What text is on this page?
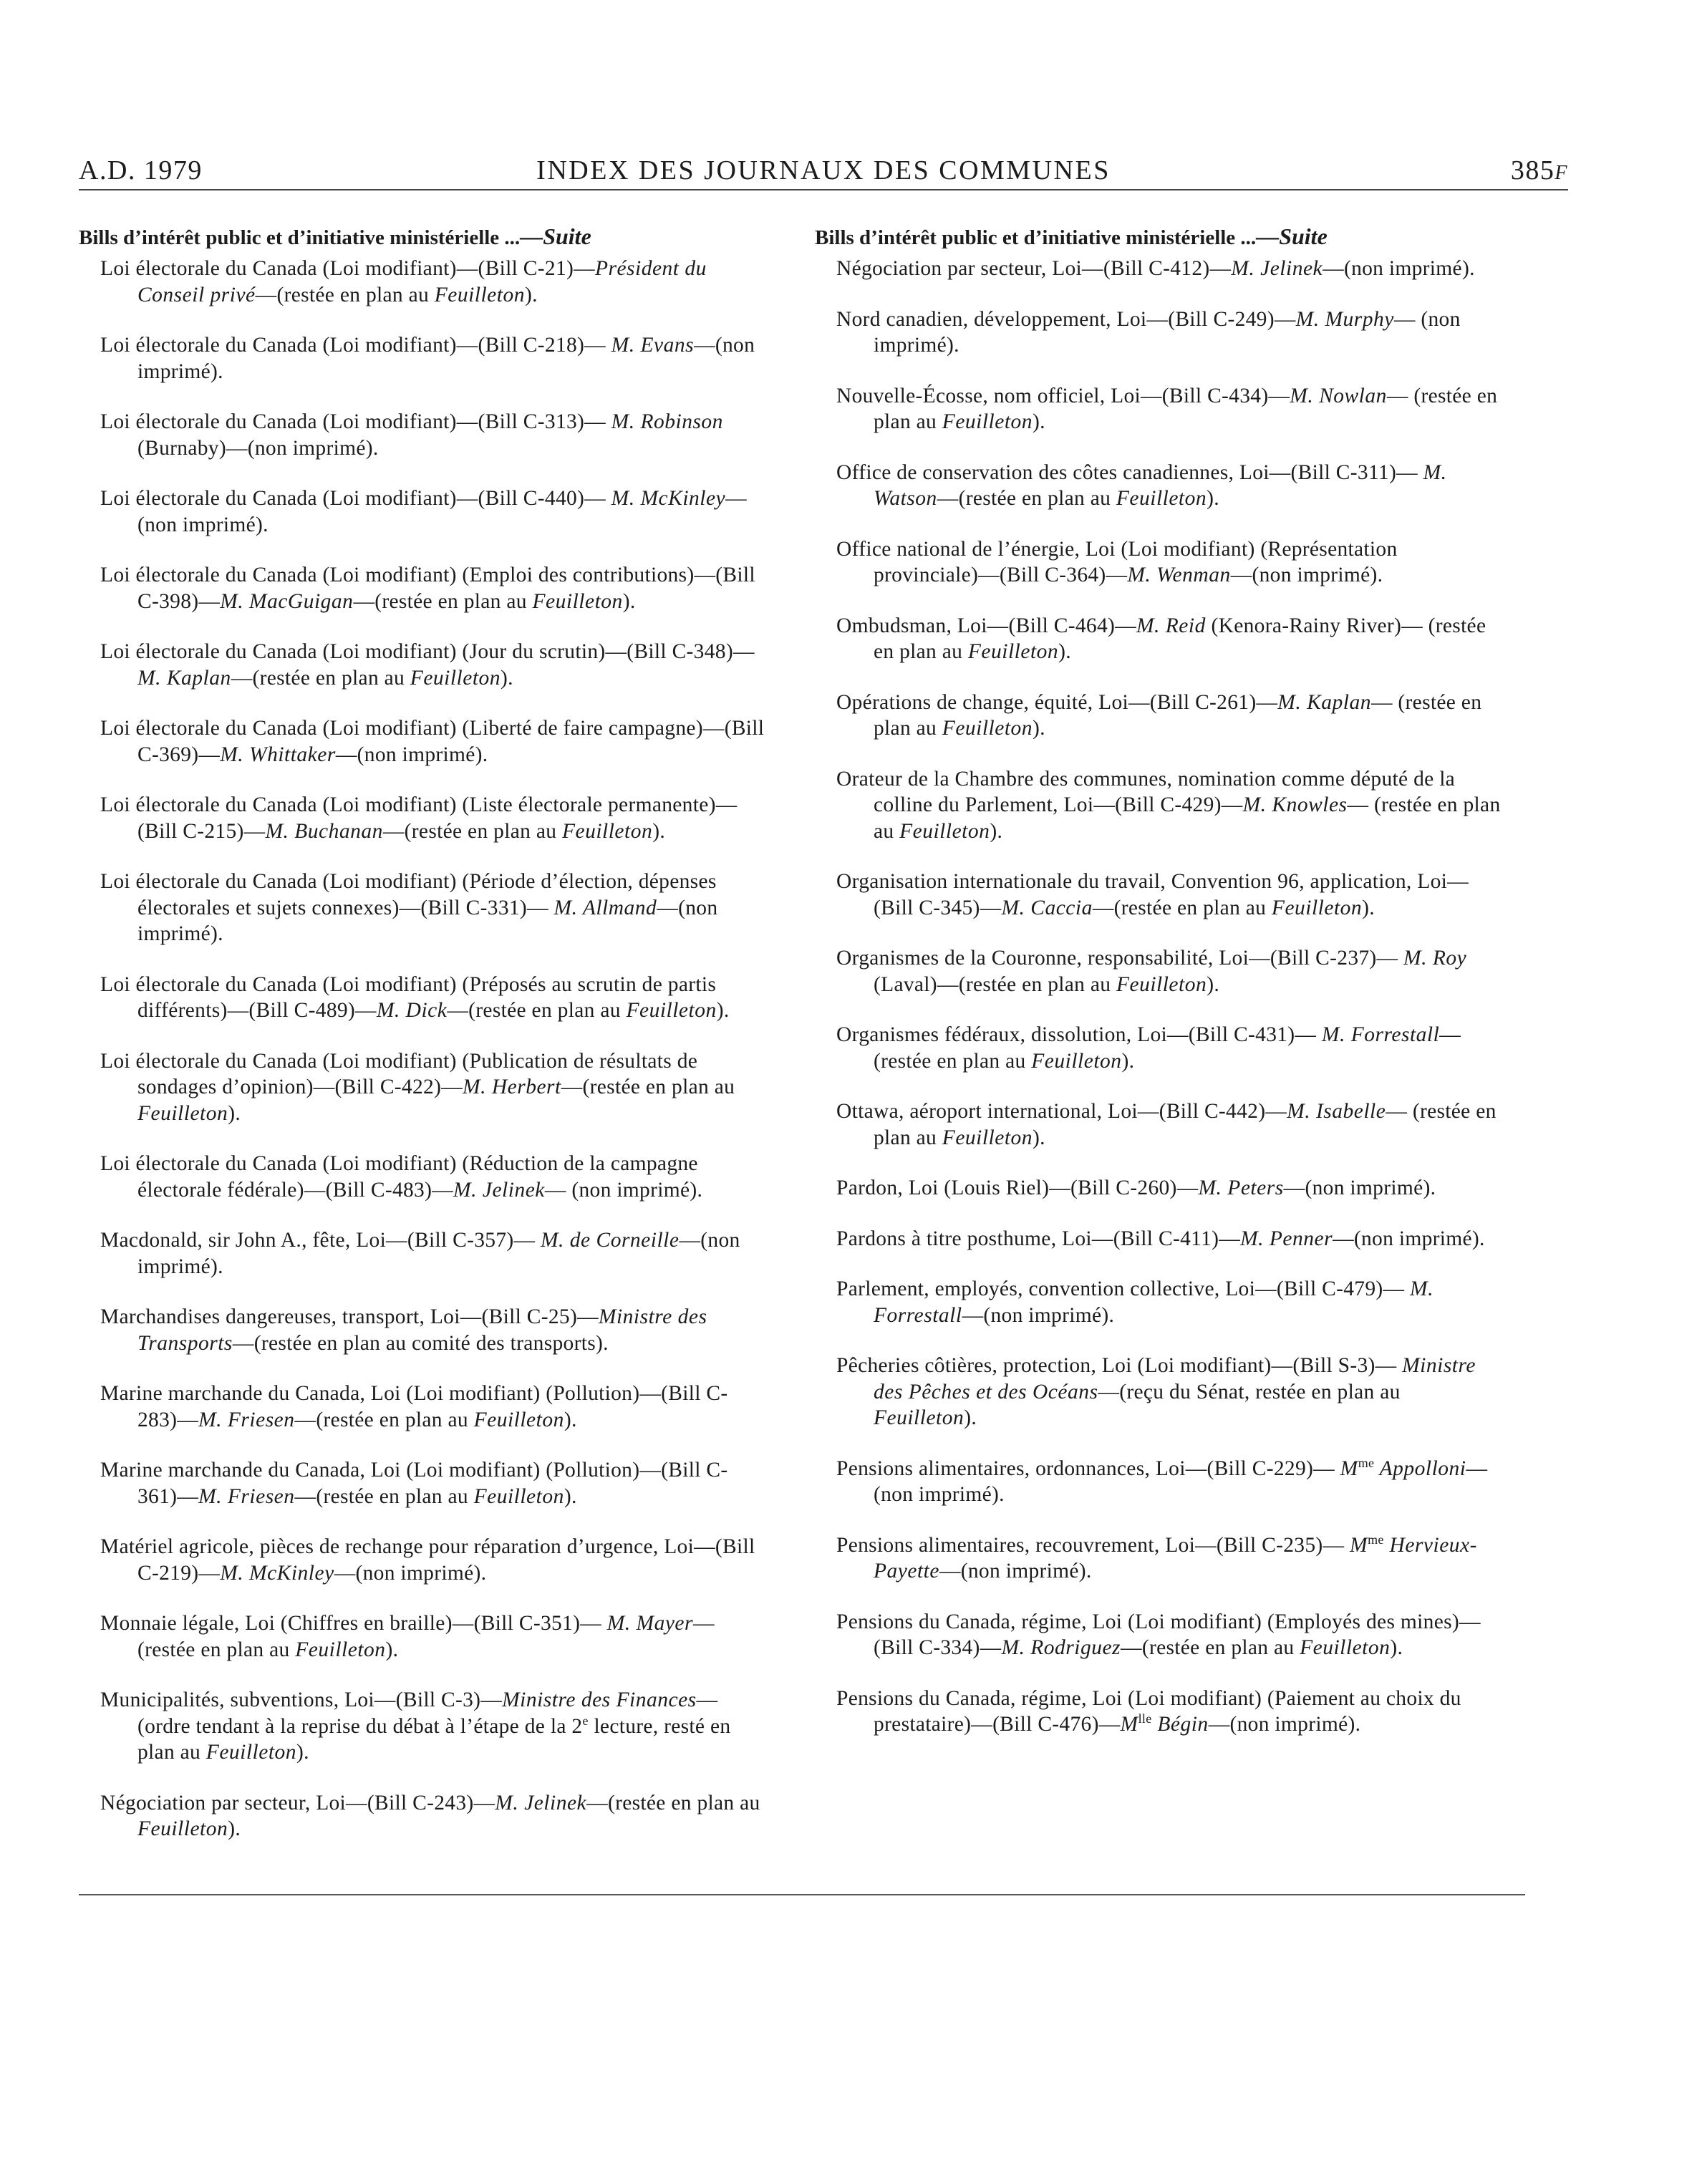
A.D. 1979	INDEX DES JOURNAUX DES COMMUNES	385F
Bills d’intérêt public et d’initiative ministérielle ...—Suite

Loi électorale du Canada (Loi modifiant)—(Bill C-21)—Président du Conseil privé—(restée en plan au Feuilleton).

Loi électorale du Canada (Loi modifiant)—(Bill C-218)— M. Evans—(non imprimé).

Loi électorale du Canada (Loi modifiant)—(Bill C-313)— M. Robinson (Burnaby)—(non imprimé).

Loi électorale du Canada (Loi modifiant)—(Bill C-440)— M. McKinley—(non imprimé).

Loi électorale du Canada (Loi modifiant) (Emploi des contributions)—(Bill C-398)—M. MacGuigan—(restée en plan au Feuilleton).

Loi électorale du Canada (Loi modifiant) (Jour du scrutin)—(Bill C-348)—M. Kaplan—(restée en plan au Feuilleton).

Loi électorale du Canada (Loi modifiant) (Liberté de faire campagne)—(Bill C-369)—M. Whittaker—(non imprimé).

Loi électorale du Canada (Loi modifiant) (Liste électorale permanente)—(Bill C-215)—M. Buchanan—(restée en plan au Feuilleton).

Loi électorale du Canada (Loi modifiant) (Période d’élection, dépenses électorales et sujets connexes)—(Bill C-331)— M. Allmand—(non imprimé).

Loi électorale du Canada (Loi modifiant) (Préposés au scrutin de partis différents)—(Bill C-489)—M. Dick—(restée en plan au Feuilleton).

Loi électorale du Canada (Loi modifiant) (Publication de résultats de sondages d’opinion)—(Bill C-422)—M. Herbert—(restée en plan au Feuilleton).

Loi électorale du Canada (Loi modifiant) (Réduction de la campagne électorale fédérale)—(Bill C-483)—M. Jelinek— (non imprimé).

Macdonald, sir John A., fête, Loi—(Bill C-357)— M. de Corneille—(non imprimé).

Marchandises dangereuses, transport, Loi—(Bill C-25)—Ministre des Transports—(restée en plan au comité des transports).

Marine marchande du Canada, Loi (Loi modifiant) (Pollution)—(Bill C-283)—M. Friesen—(restée en plan au Feuilleton).

Marine marchande du Canada, Loi (Loi modifiant) (Pollution)—(Bill C-361)—M. Friesen—(restée en plan au Feuilleton).

Matériel agricole, pièces de rechange pour réparation d’urgence, Loi—(Bill C-219)—M. McKinley—(non imprimé).

Monnaie légale, Loi (Chiffres en braille)—(Bill C-351)— M. Mayer—(restée en plan au Feuilleton).

Municipalités, subventions, Loi—(Bill C-3)—Ministre des Finances—(ordre tendant à la reprise du débat à l’étape de la 2e lecture, resté en plan au Feuilleton).

Négociation par secteur, Loi—(Bill C-243)—M. Jelinek—(restée en plan au Feuilleton).

Bills d’intérêt public et d’initiative ministérielle ...—Suite

Négociation par secteur, Loi—(Bill C-412)—M. Jelinek—(non imprimé).

Nord canadien, développement, Loi—(Bill C-249)—M. Murphy— (non imprimé).

Nouvelle-Écosse, nom officiel, Loi—(Bill C-434)—M. Nowlan— (restée en plan au Feuilleton).

Office de conservation des côtes canadiennes, Loi—(Bill C-311)— M. Watson—(restée en plan au Feuilleton).

Office national de l’énergie, Loi (Loi modifiant) (Représentation provinciale)—(Bill C-364)—M. Wenman—(non imprimé).

Ombudsman, Loi—(Bill C-464)—M. Reid (Kenora-Rainy River)— (restée en plan au Feuilleton).

Opérations de change, équité, Loi—(Bill C-261)—M. Kaplan— (restée en plan au Feuilleton).

Orateur de la Chambre des communes, nomination comme député de la colline du Parlement, Loi—(Bill C-429)—M. Knowles— (restée en plan au Feuilleton).

Organisation internationale du travail, Convention 96, application, Loi—(Bill C-345)—M. Caccia—(restée en plan au Feuilleton).

Organismes de la Couronne, responsabilité, Loi—(Bill C-237)— M. Roy (Laval)—(restée en plan au Feuilleton).

Organismes fédéraux, dissolution, Loi—(Bill C-431)— M. Forrestall—(restée en plan au Feuilleton).

Ottawa, aéroport international, Loi—(Bill C-442)—M. Isabelle— (restée en plan au Feuilleton).

Pardon, Loi (Louis Riel)—(Bill C-260)—M. Peters—(non imprimé).

Pardons à titre posthume, Loi—(Bill C-411)—M. Penner—(non imprimé).

Parlement, employés, convention collective, Loi—(Bill C-479)— M. Forrestall—(non imprimé).

Pêcheries côtières, protection, Loi (Loi modifiant)—(Bill S-3)— Ministre des Pêches et des Océans—(reçu du Sénat, restée en plan au Feuilleton).

Pensions alimentaires, ordonnances, Loi—(Bill C-229)— $M^{me}$ Appolloni—(non imprimé).

Pensions alimentaires, recouvrement, Loi—(Bill C-235)— $M^{me}$ Hervieux-Payette—(non imprimé).

Pensions du Canada, régime, Loi (Loi modifiant) (Employés des mines)—(Bill C-334)—M. Rodriguez—(restée en plan au Feuilleton).

Pensions du Canada, régime, Loi (Loi modifiant) (Paiement au choix du prestataire)—(Bill $C-476)—M^{lle}$ Bégin—(non imprimé).
